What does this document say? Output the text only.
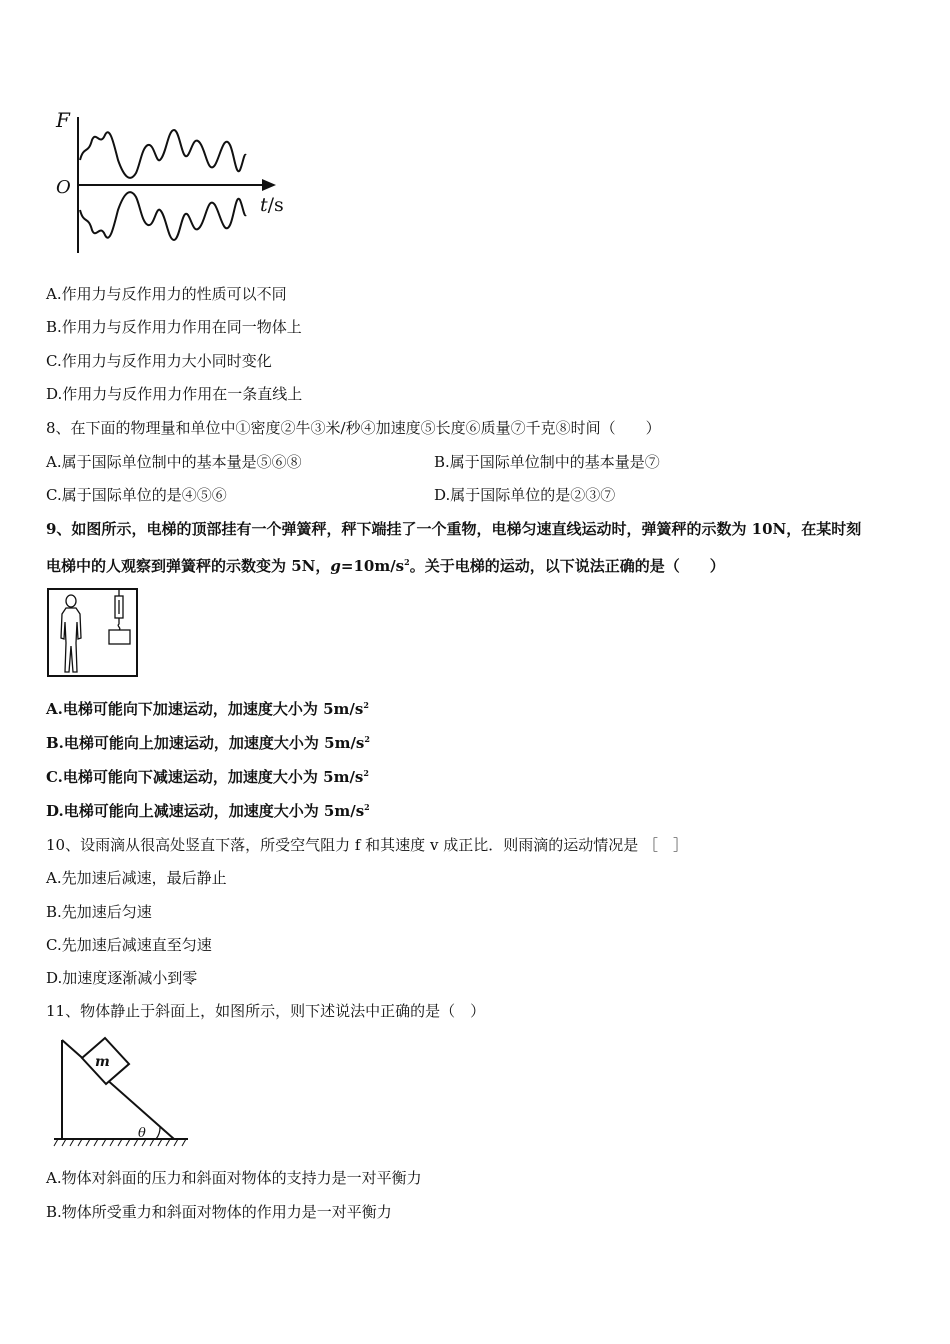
F
O
t/s
A.作用力与反作用力的性质可以不同
B.作用力与反作用力作用在同一物体上
C.作用力与反作用力大小同时变化
D.作用力与反作用力作用在一条直线上
8、在下面的物理量和单位中①密度②牛③米/秒④加速度⑤长度⑥质量⑦千克⑧时间（　　）
A.属于国际单位制中的基本量是⑤⑥⑧	B.属于国际单位制中的基本量是⑦
C.属于国际单位的是④⑤⑥	D.属于国际单位的是②③⑦
9、如图所示，电梯的顶部挂有一个弹簧秤，秤下端挂了一个重物，电梯匀速直线运动时，弹簧秤的示数为 10N，在某时刻
电梯中的人观察到弹簧秤的示数变为 5N，$g=10m/s^2$。关于电梯的运动，以下说法正确的是（　　）
A.电梯可能向下加速运动，加速度大小为 $5m/s^2$
B.电梯可能向上加速运动，加速度大小为 $5m/s^2$
C.电梯可能向下减速运动，加速度大小为 $5m/s^2$
D.电梯可能向上减速运动，加速度大小为 $5m/s^2$
10、设雨滴从很高处竖直下落，所受空气阻力 f 和其速度 v 成正比．则雨滴的运动情况是 ［　］
A.先加速后减速，最后静止
B.先加速后匀速
C.先加速后减速直至匀速
D.加速度逐渐减小到零
11、物体静止于斜面上，如图所示，则下述说法中正确的是（　）
m
θ
A.物体对斜面的压力和斜面对物体的支持力是一对平衡力
B.物体所受重力和斜面对物体的作用力是一对平衡力
